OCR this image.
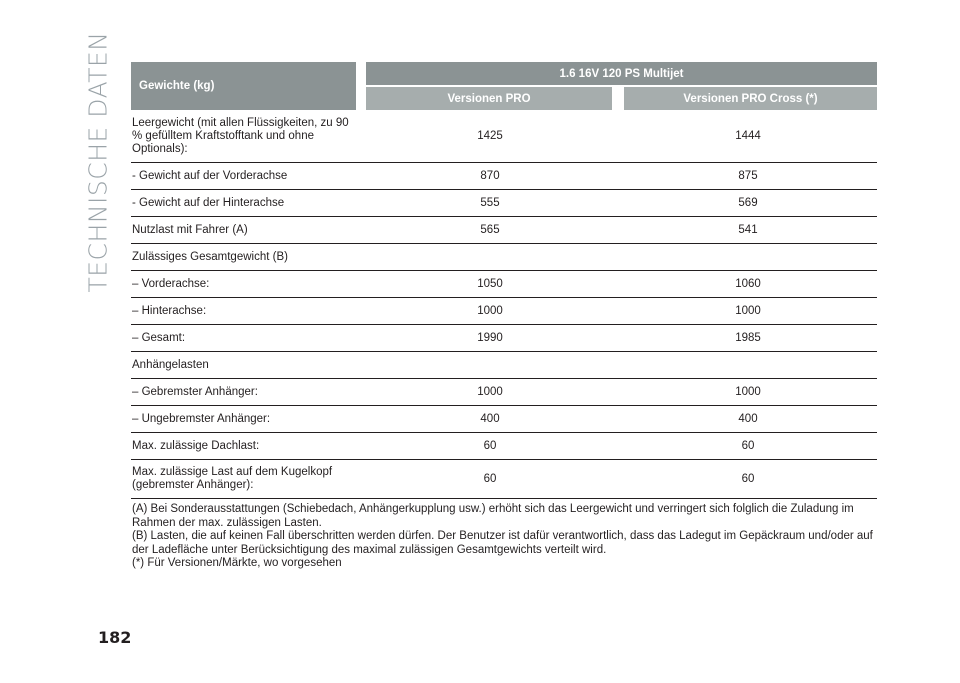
TECHNISCHE DATEN Gewichte (kg)	1.6 16V 120 PS Multijet	
	Versionen PRO	Versionen PRO Cross (*)
Leergewicht (mit allen Flüssigkeiten, zu 90 % gefülltem Kraftstofftank und ohne Optionals):	1425	1444
- Gewicht auf der Vorderachse	870	875
- Gewicht auf der Hinterachse	555	569
Nutzlast mit Fahrer (A)	565	541
Zulässiges Gesamtgewicht (B)		
– Vorderachse:	1050	1060
– Hinterachse:	1000	1000
– Gesamt:	1990	1985
Anhängelasten		
– Gebremster Anhänger:	1000	1000
– Ungebremster Anhänger:	400	400
Max. zulässige Dachlast:	60	60
Max. zulässige Last auf dem Kugelkopf (gebremster Anhänger):	60	60

(A) Bei Sonderausstattungen (Schiebedach, Anhängerkupplung usw.) erhöht sich das Leergewicht und verringert sich folglich die Zuladung im Rahmen der max. zulässigen Lasten.

(B) Lasten, die auf keinen Fall überschritten werden dürfen. Der Benutzer ist dafür verantwortlich, dass das Ladegut im Gepäckraum und/oder auf der Ladefläche unter Berücksichtigung des maximal zulässigen Gesamtgewichts verteilt wird.

(*) Für Versionen/Märkte, wo vorgesehen

182
